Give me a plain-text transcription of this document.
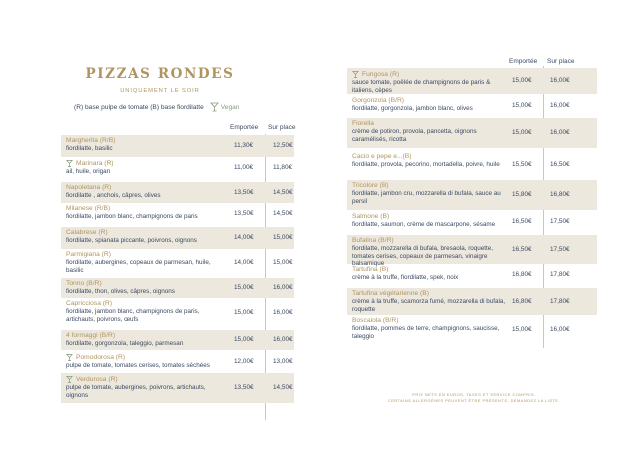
PIZZAS RONDES
UNIQUEMENT LE SOIR
(R) base pulpe de tomate (B) base fiordilatte	Vegan
Emportée Sur place
Emportée Sur place
Margherita (R/B)
fiordilatte, basilic	11,30€	12,50€
Marinara (R)
ail, huile, origan
11,00€	11,80€
Napoletana (R)
fiordilatte , anchois, câpres, olives	13,50€	14,50€
Milanese (R/B)
fiordilatte, jambon blanc, champignons de paris	13,50€	14,50€
Calabrese (R)
fiordilatte, spianata piccante, poivrons, oignons	14,00€	15,00€
Parmigiana (R)
fiordilatte, aubergines, copeaux de parmesan, huile, basilic
14,00€	15,00€
Tonno (B/R)
fiordilatte, thon, olives, câpres, oignons
15,00€	16,00€
Capricciosa (R)
fiordilatte, jambon blanc, champignons de paris, artichauts, poivrons, œufs
15,00€	16,00€
4 formaggi (B/R)
fiordilatte, gorgonzola, taleggio, parmesan
15,00€	16,00€
Pomodorosa (R)
pulpe de tomate, tomates cerises, tomates séchées
12,00€	13,00€
Verdurosa (R)
pulpe de tomate, aubergines, poivrons, artichauts, oignons
13,50€	14,50€
Fungosa (R)
sauce tomate, poêlée de champignons de paris & italiens, cèpes
15,00€	16,00€
Gorgonzola (B/R)
fiordilatte, gorgonzola, jambon blanc, olives	15,00€	16,00€
Fiorella
crème de potiron, provola, pancetta, oignons caramélisés, ricotta
15,00€	16,00€
Cacio e pepe e...(B)
fiordilatte, provola, pecorino, mortadella, poivre, huile	15,50€	16,50€
Tricolore (B)
fiordilatte, jambon cru, mozzarella di bufala, sauce au persil
15,80€	16,80€
Salmone (B)
fiordilatte, saumon, crème de mascarpone, sésame	16,50€	17,50€
Bufalina (B/R)
fiordilatte, mozzarella di bufala, bresaola, roquette, tomates cerises, copeaux de parmesan, vinaigre balsamique
16,50€	17,50€
Tartufina (B)
crème à la truffe, fiordilatte, spek, noix	16,80€	17,80€
Tartufina végétarienne (B)
crème à la truffe, scamorza fumé, mozzarella di bufala, roquette
16,80€	17,80€
Boscaiola (B/R)
fiordilatte, pommes de terre, champignons, saucisse, taleggio
15,00€	16,00€
PRIX NETS EN EUROS, TAXES ET SERVICE COMPRIS.
CERTAINS ALLERGÈNES PEUVENT ÊTRE PRÉSENTS, DEMANDEZ LA LISTE.
